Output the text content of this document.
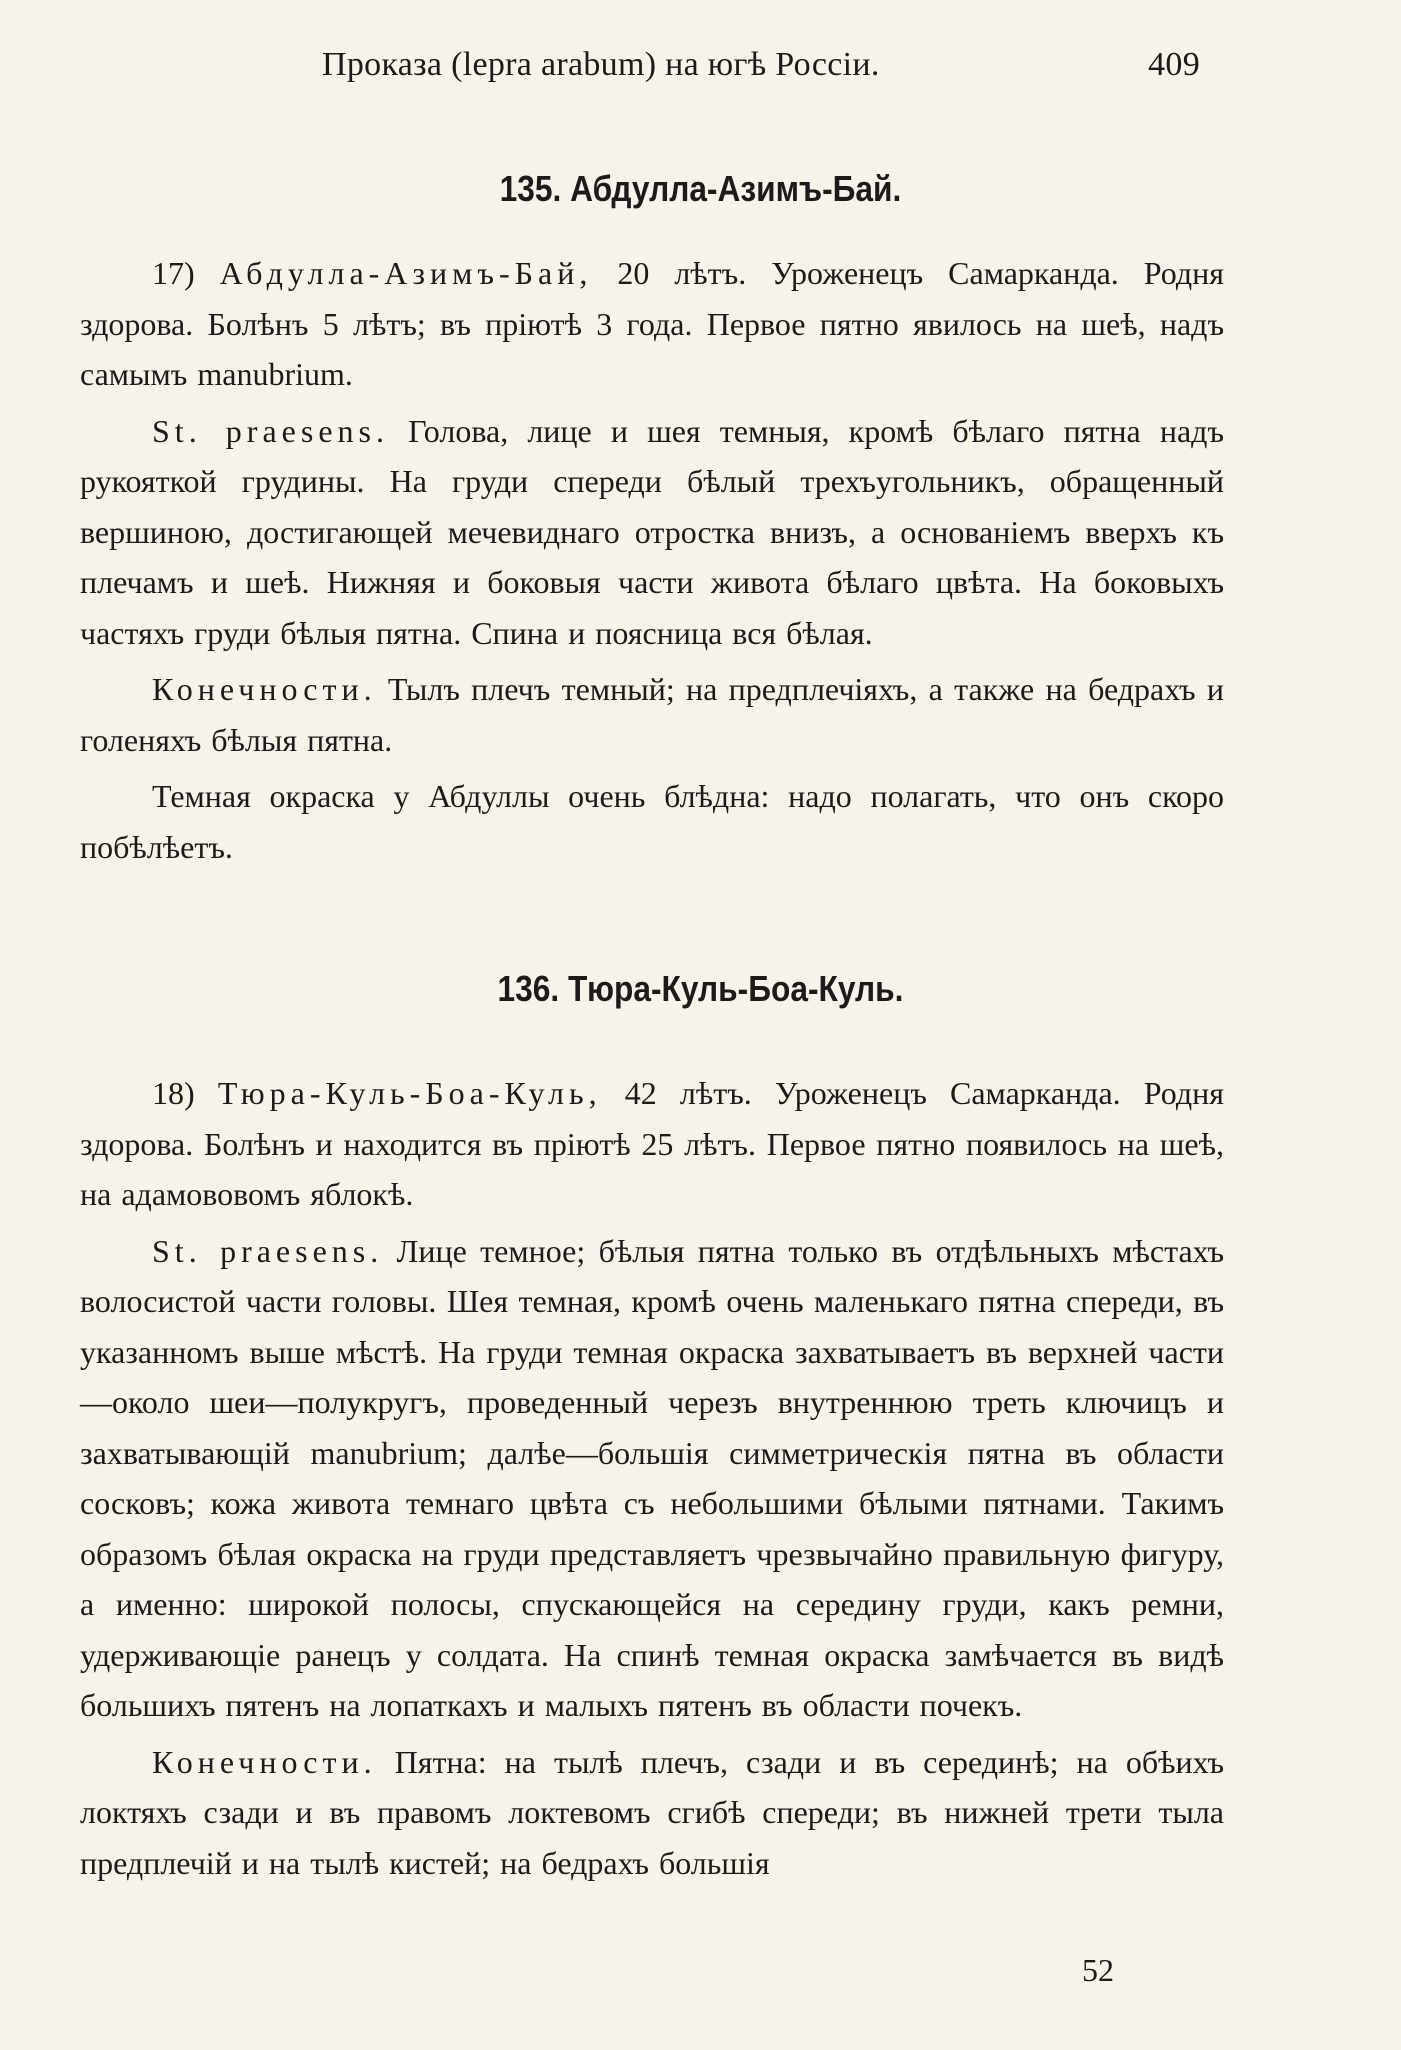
Проказа (lepra arabum) на югѣ Россіи.	409
135. Абдулла-Азимъ-Бай.

17) Абдулла-Азимъ-Бай, 20 лѣтъ. Уроженецъ Самарканда. Родня здорова. Болѣнъ 5 лѣтъ; въ пріютѣ 3 года. Первое пятно явилось на шеѣ, надъ самымъ manubrium.

St. praesens. Голова, лице и шея темныя, кромѣ бѣлаго пятна надъ рукояткой грудины. На груди спереди бѣлый трехъугольникъ, обращенный вершиною, достигающей мечевиднаго отростка внизъ, а основаніемъ вверхъ къ плечамъ и шеѣ. Нижняя и боковыя части живота бѣлаго цвѣта. На боковыхъ частяхъ груди бѣлыя пятна. Спина и поясница вся бѣлая.

Конечности. Тылъ плечъ темный; на предплечіяхъ, а также на бедрахъ и голеняхъ бѣлыя пятна.

Темная окраска у Абдуллы очень блѣдна: надо полагать, что онъ скоро побѣлѣетъ.

136. Тюра-Куль-Боа-Куль.

18) Тюра-Куль-Боа-Куль, 42 лѣтъ. Уроженецъ Самарканда. Родня здорова. Болѣнъ и находится въ пріютѣ 25 лѣтъ. Первое пятно появилось на шеѣ, на адамововомъ яблокѣ.

St. praesens. Лице темное; бѣлыя пятна только въ отдѣльныхъ мѣстахъ волосистой части головы. Шея темная, кромѣ очень маленькаго пятна спереди, въ указанномъ выше мѣстѣ. На груди темная окраска захватываетъ въ верхней части—около шеи—полукругъ, проведенный черезъ внутреннюю треть ключицъ и захватывающій manubrium; далѣе—большія симметрическія пятна въ области сосковъ; кожа живота темнаго цвѣта съ небольшими бѣлыми пятнами. Такимъ образомъ бѣлая окраска на груди представляетъ чрезвычайно правильную фигуру, а именно: широкой полосы, спускающейся на середину груди, какъ ремни, удерживающіе ранецъ у солдата. На спинѣ темная окраска замѣчается въ видѣ большихъ пятенъ на лопаткахъ и малыхъ пятенъ въ области почекъ.

Конечности. Пятна: на тылѣ плечъ, сзади и въ серединѣ; на обѣихъ локтяхъ сзади и въ правомъ локтевомъ сгибѣ спереди; въ нижней трети тыла предплечій и на тылѣ кистей; на бедрахъ большія

52
